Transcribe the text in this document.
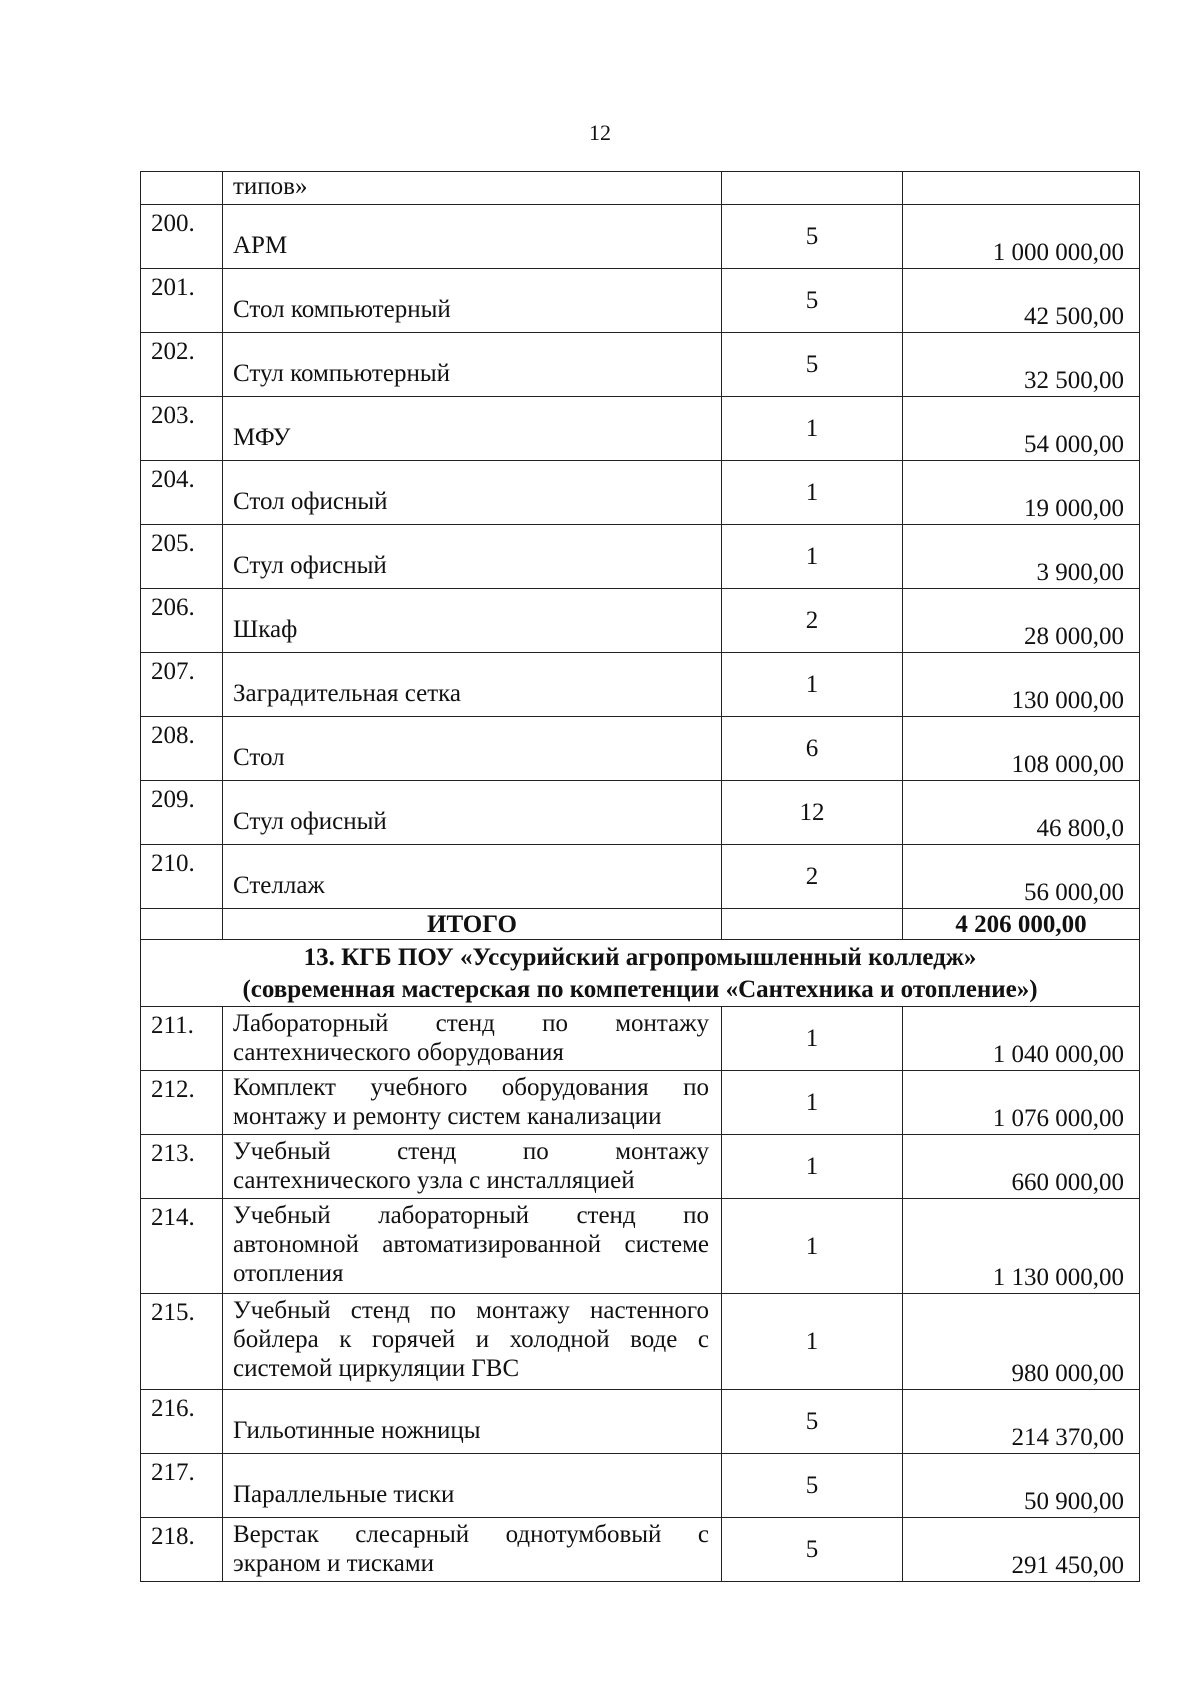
12
	типов»		
200.	АРМ	5	1 000 000,00
201.	Стол компьютерный	5	42 500,00
202.	Стул компьютерный	5	32 500,00
203.	МФУ	1	54 000,00
204.	Стол офисный	1	19 000,00
205.	Стул офисный	1	3 900,00
206.	Шкаф	2	28 000,00
207.	Заградительная сетка	1	130 000,00
208.	Стол	6	108 000,00
209.	Стул офисный	12	46 800,0
210.	Стеллаж	2	56 000,00
	ИТОГО		4 206 000,00

13. КГБ ПОУ «Уссурийский агропромышленный колледж»
(современная мастерская по компетенции «Сантехника и отопление»)			

211.	Лабораторный стенд по монтажу сантехнического оборудования	1	1 040 000,00
212.	Комплект учебного оборудования по монтажу и ремонту систем канализации	1	1 076 000,00
213.	Учебный стенд по монтажу сантехнического узла с инсталляцией	1	660 000,00
214.	Учебный лабораторный стенд по автономной автоматизированной системе отопления	1	1 130 000,00
215.	Учебный стенд по монтажу настенного бойлера к горячей и холодной воде с системой циркуляции ГВС	1	980 000,00
216.	Гильотинные ножницы	5	214 370,00
217.	Параллельные тиски	5	50 900,00
218.	Верстак слесарный однотумбовый с экраном и тисками	5	291 450,00
